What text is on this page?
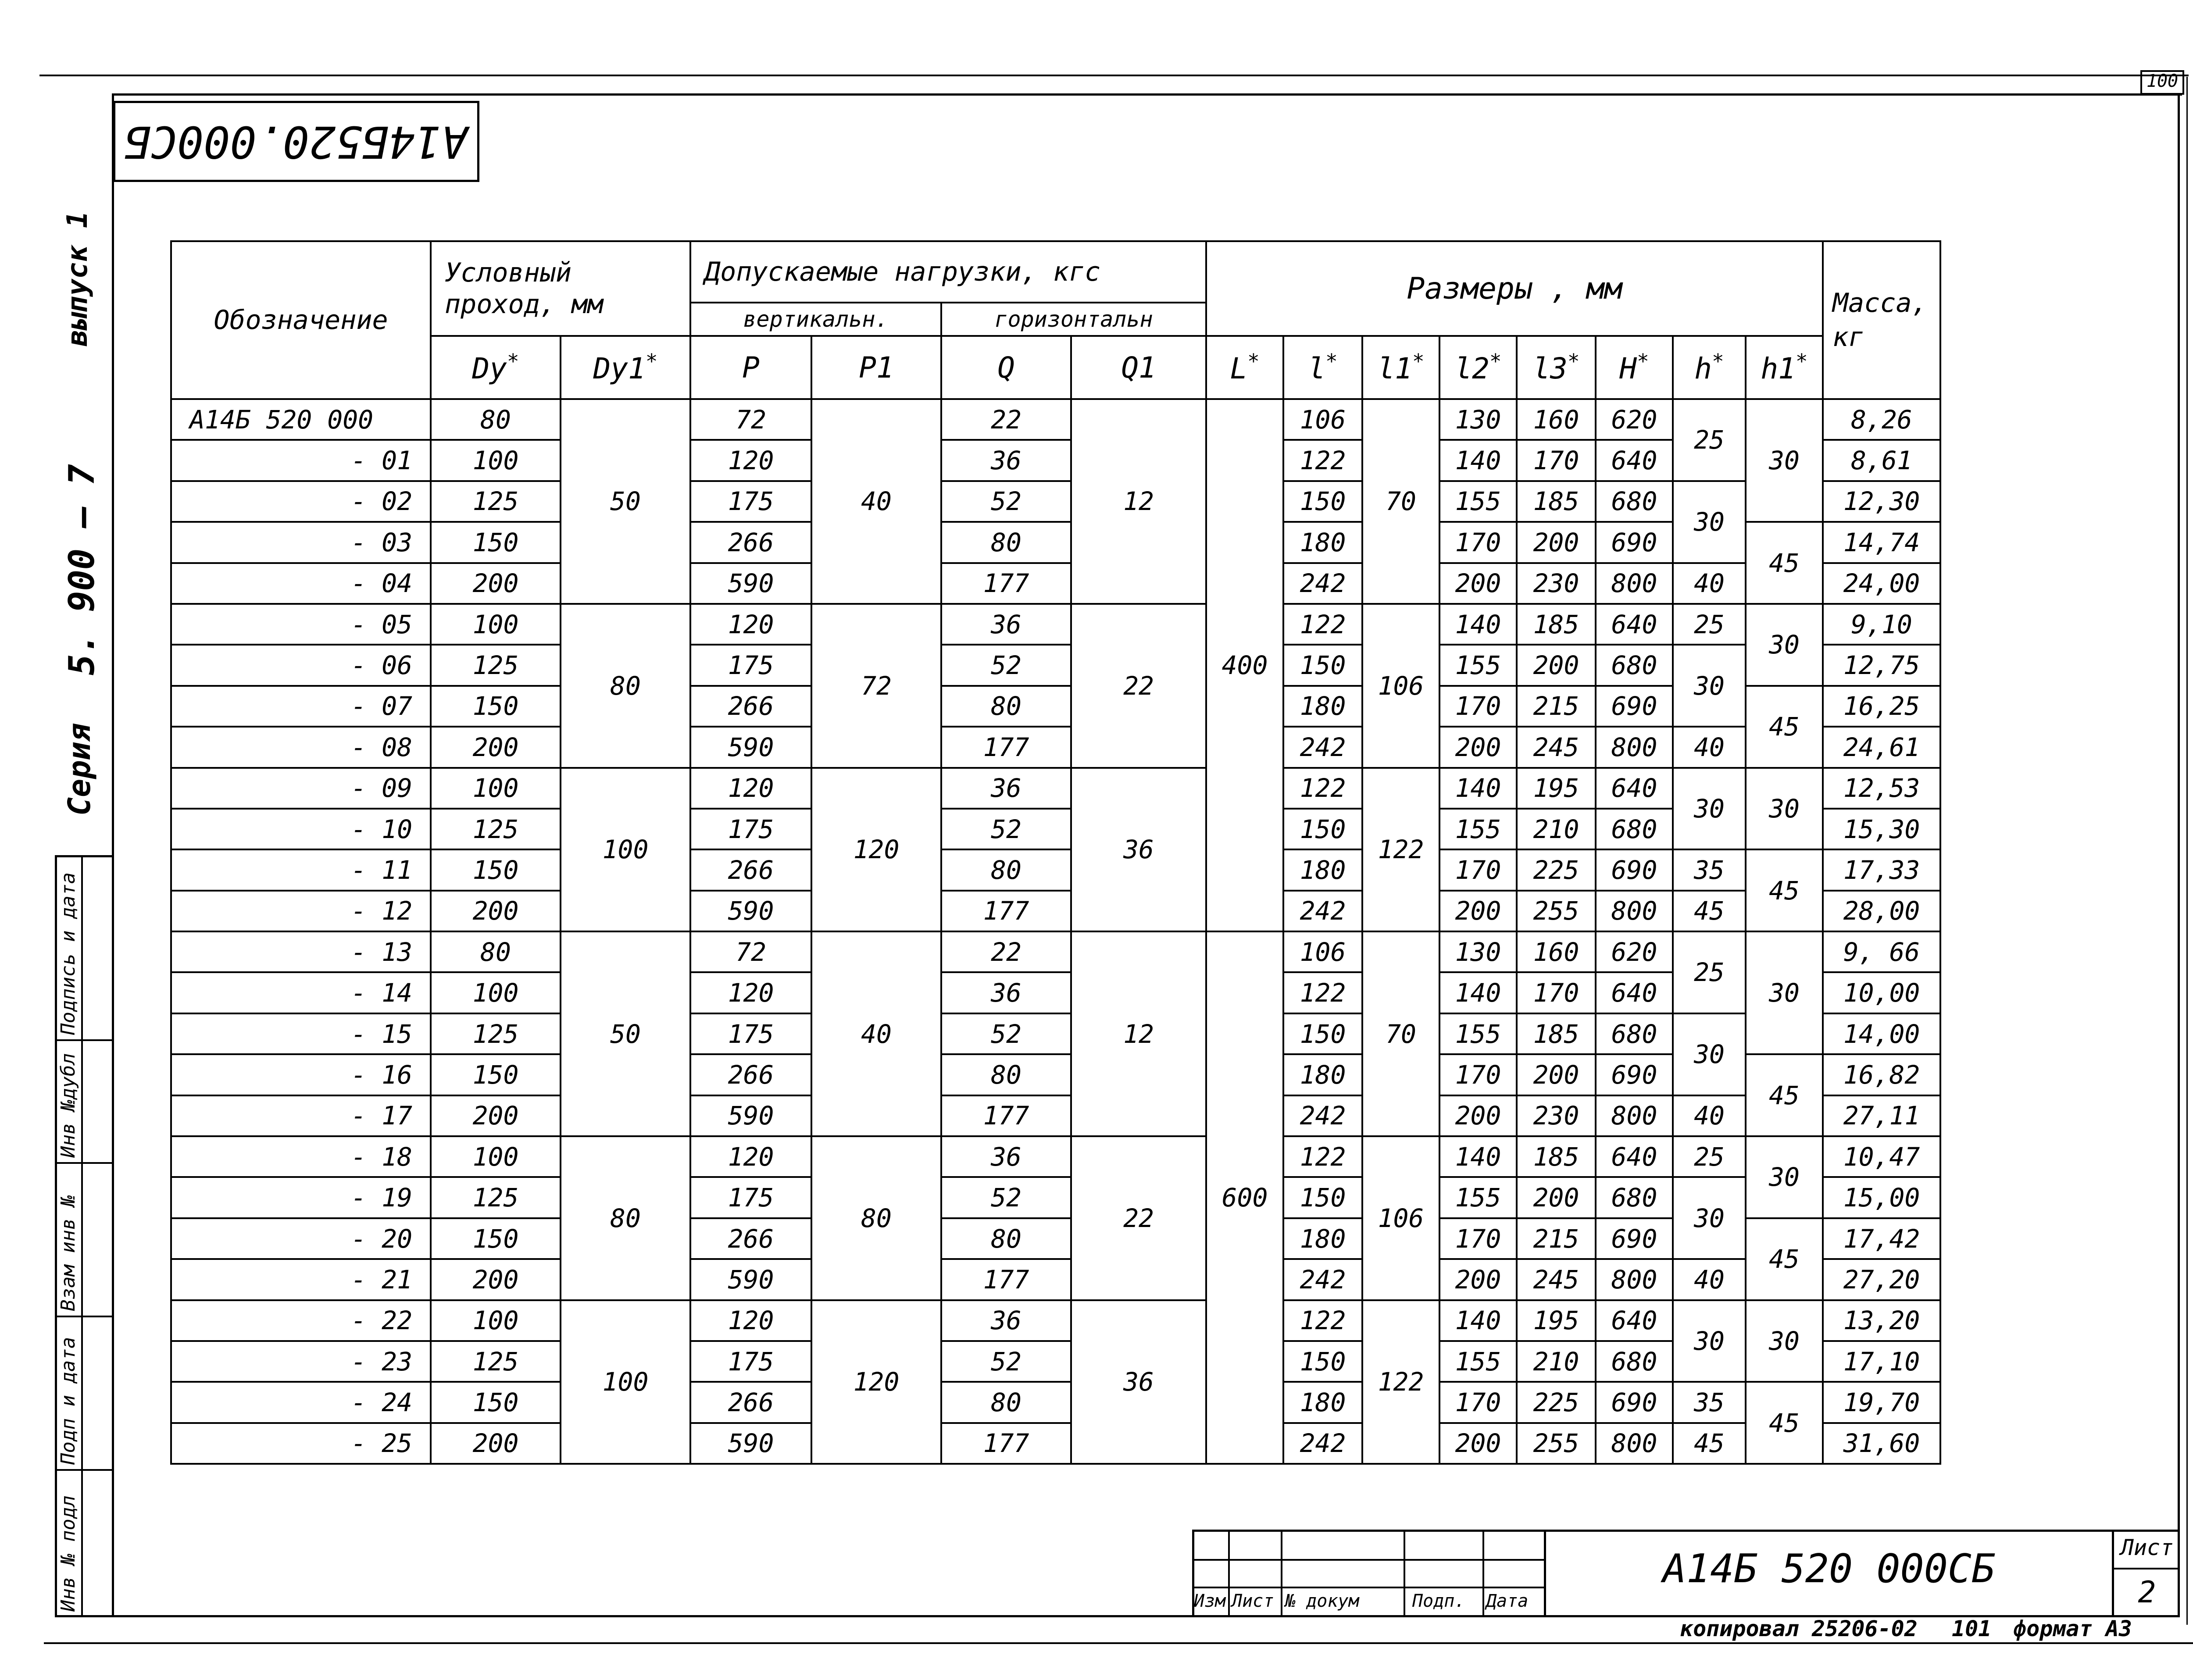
100
А14Б520.000СБ
Серия
5. 900 — 7
выпуск 1
Инв № подл
Подп и дата
Взам инв №
Инв №дубл
Подпись и дата
Обозначение	Условный проход, мм		Допускаемые нагрузки, кгс				Размеры , мм								Масса, кг
			вертикальн.		горизонтальн										
	Dу*	Dу1*	P	P1	Q	Q1	L*	l*	l1*	l2*	l3*	H*	h*	h1*
А14Б 520 000	80	50	72	40	22	12	400	106	70	130	160	620	25	30	8,26
- 01	100		120		36			122		140	170	640			8,61
- 02	125		175		52			150		155	185	680	30		12,30
- 03	150		266		80			180		170	200	690		45	14,74
- 04	200		590		177			242		200	230	800	40		24,00
- 05	100	80	120	72	36	22		122	106	140	185	640	25	30	9,10
- 06	125		175		52			150		155	200	680	30		12,75
- 07	150		266		80			180		170	215	690		45	16,25
- 08	200		590		177			242		200	245	800	40		24,61
- 09	100	100	120	120	36	36		122	122	140	195	640	30	30	12,53
- 10	125		175		52			150		155	210	680			15,30
- 11	150		266		80			180		170	225	690	35	45	17,33
- 12	200		590		177			242		200	255	800	45		28,00
- 13	80	50	72	40	22	12	600	106	70	130	160	620	25	30	9, 66
- 14	100		120		36			122		140	170	640			10,00
- 15	125		175		52			150		155	185	680	30		14,00
- 16	150		266		80			180		170	200	690		45	16,82
- 17	200		590		177			242		200	230	800	40		27,11
- 18	100	80	120	80	36	22		122	106	140	185	640	25	30	10,47
- 19	125		175		52			150		155	200	680	30		15,00
- 20	150		266		80			180		170	215	690		45	17,42
- 21	200		590		177			242		200	245	800	40		27,20
- 22	100	100	120	120	36	36		122	122	140	195	640	30	30	13,20
- 23	125		175		52			150		155	210	680			17,10
- 24	150		266		80			180		170	225	690	35	45	19,70
- 25	200		590		177			242		200	255	800	45		31,60
Изм Лист № докум	Подп. Дата
А14Б 520 000СБ	Лист
2
копировал 25206-02 101 формат А3
